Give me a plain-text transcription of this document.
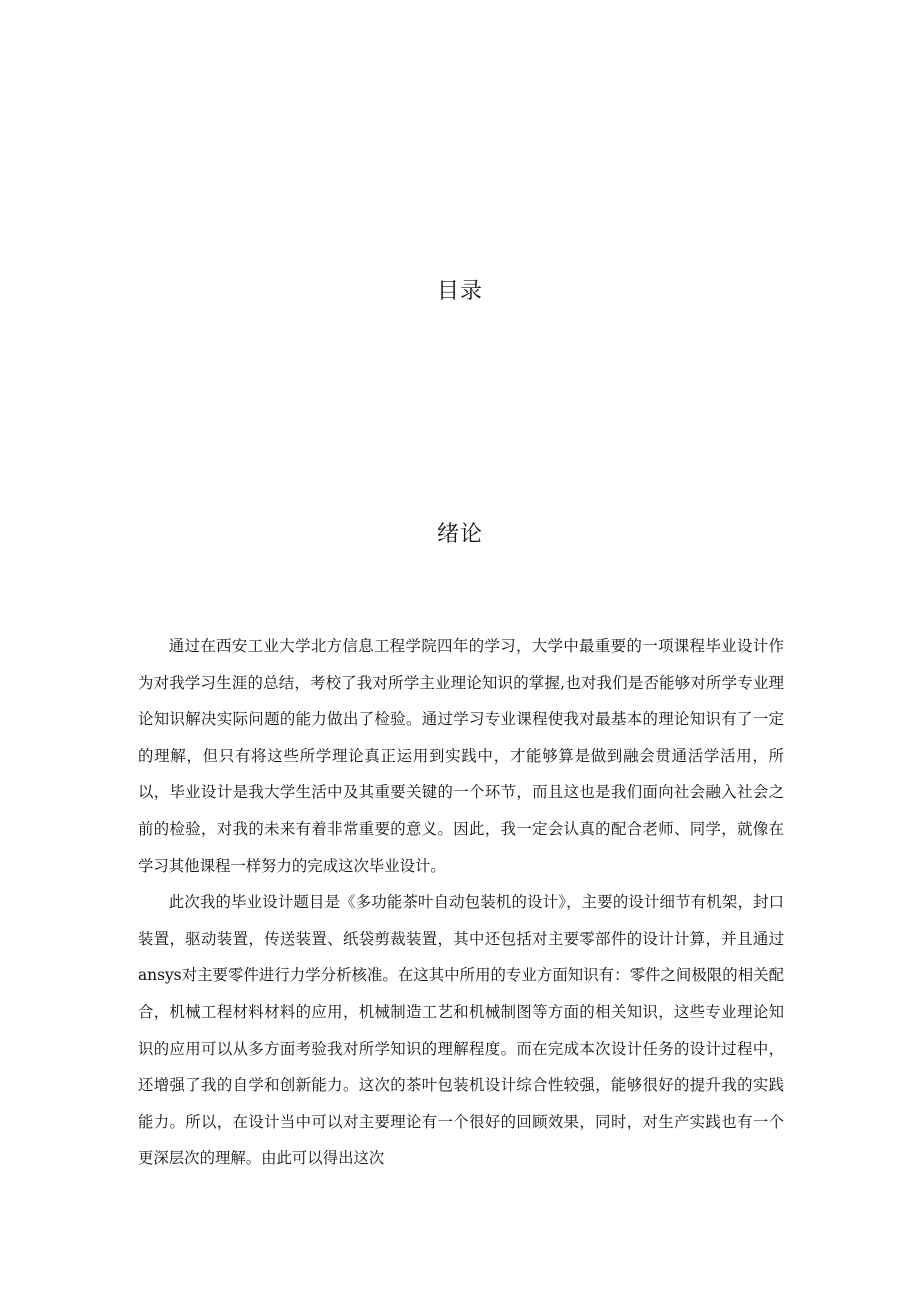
目录
绪论

通过在西安工业大学北方信息工程学院四年的学习，大学中最重要的一项课程毕业设计作为对我学习生涯的总结，考校了我对所学主业理论知识的掌握,也对我们是否能够对所学专业理论知识解决实际问题的能力做出了检验。通过学习专业课程使我对最基本的理论知识有了一定的理解，但只有将这些所学理论真正运用到实践中，才能够算是做到融会贯通活学活用，所以，毕业设计是我大学生活中及其重要关键的一个环节，而且这也是我们面向社会融入社会之前的检验，对我的未来有着非常重要的意义。因此，我一定会认真的配合老师、同学，就像在学习其他课程一样努力的完成这次毕业设计。

此次我的毕业设计题目是《多功能茶叶自动包装机的设计》，主要的设计细节有机架，封口装置，驱动装置，传送装置、纸袋剪裁装置，其中还包括对主要零部件的设计计算，并且通过ansys对主要零件进行力学分析核准。在这其中所用的专业方面知识有：零件之间极限的相关配合，机械工程材料材料的应用，机械制造工艺和机械制图等方面的相关知识，这些专业理论知识的应用可以从多方面考验我对所学知识的理解程度。而在完成本次设计任务的设计过程中，还增强了我的自学和创新能力。这次的茶叶包装机设计综合性较强，能够很好的提升我的实践能力。所以，在设计当中可以对主要理论有一个很好的回顾效果，同时，对生产实践也有一个更深层次的理解。由此可以得出这次
